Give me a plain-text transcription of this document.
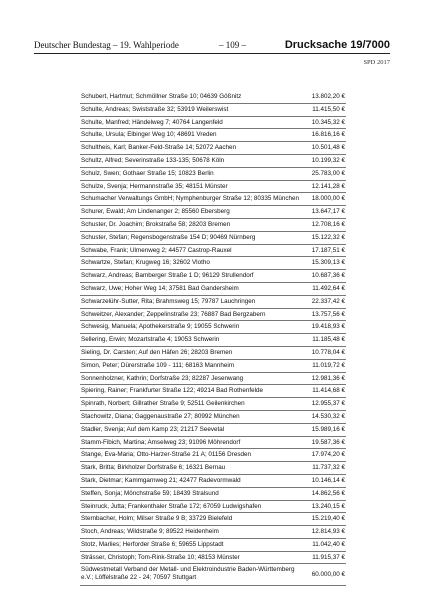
Deutscher Bundestag – 19. Wahlperiode	– 109 –	Drucksache 19/7000
SPD 2017
Schubert, Hartmut; Schmöllner Straße 10; 04639 Gößnitz	13.802,20 €
Schulte, Andreas; Swiststraße 32; 53919 Weilerswist	11.415,50 €
Schulte, Manfred; Händelweg 7; 40764 Langenfeld	10.345,32 €
Schulte, Ursula; Elbinger Weg 10; 48691 Vreden	16.816,16 €
Schultheis, Karl; Banker-Feld-Straße 14; 52072 Aachen	10.501,48 €
Schultz, Alfred; Severinstraße 133-135; 50678 Köln	10.199,32 €
Schulz, Swen; Gothaer Straße 15; 10823 Berlin	25.783,00 €
Schulze, Svenja; Hermannstraße 35; 48151 Münster	12.141,28 €
Schumacher Verwaltungs GmbH; Nymphenburger Straße 12; 80335 München	18.000,00 €
Schurer, Ewald; Am Lindenanger 2; 85560 Ebersberg	13.647,17 €
Schuster, Dr. Joachim; Brokstraße 58; 28203 Bremen	12.708,16 €
Schuster, Stefan; Regensbogenstraße 154 D; 90469 Nürnberg	15.122,32 €
Schwabe, Frank; Ulmenweg 2; 44577 Castrop-Rauxel	17.187,51 €
Schwartze, Stefan; Krugweg 16; 32602 Vlotho	15.309,13 €
Schwarz, Andreas; Bamberger Straße 1 D; 96129 Strullendorf	10.687,36 €
Schwarz, Uwe; Hoher Weg 14; 37581 Bad Gandersheim	11.492,64 €
Schwarzelühr-Sutter, Rita; Brahmsweg 15; 79787 Lauchringen	22.337,42 €
Schweitzer, Alexander; Zeppelinstraße 23; 76887 Bad Bergzabern	13.757,56 €
Schwesig, Manuela; Apothekerstraße 9; 19055 Schwerin	19.418,93 €
Sellering, Erwin; Mozartstraße 4; 19053 Schwerin	11.185,48 €
Sieling, Dr. Carsten; Auf den Häfen 26; 28203 Bremen	10.778,04 €
Simon, Peter; Dürerstraße 109 - 111; 68163 Mannheim	11.019,72 €
Sonnenholzner, Kathrin; Dorfstraße 23; 82287 Jesenwang	12.981,36 €
Spiering, Rainer; Frankfurter Straße 122; 49214 Bad Rothenfelde	11.414,68 €
Spinrath, Norbert; Gillrather Straße 9; 52511 Geilenkirchen	12.955,37 €
Stachowitz, Diana; Gaggenaustraße 27; 80992 München	14.530,32 €
Stadler, Svenja; Auf dem Kamp 23; 21217 Seevetal	15.989,16 €
Stamm-Fibich, Martina; Amselweg 23; 91096 Möhrendorf	19.587,36 €
Stange, Eva-Maria; Otto-Harzer-Straße 21 A; 01156 Dresden	17.974,20 €
Stark, Britta; Birkholzer Dorfstraße 6; 16321 Bernau	11.737,32 €
Stark, Dietmar; Kammgarnweg 21; 42477 Radevormwald	10.146,14 €
Steffen, Sonja; Mönchstraße 59; 18439 Stralsund	14.862,56 €
Steinruck, Jutta; Frankenthaler Straße 172; 67059 Ludwigshafen	13.240,15 €
Sternbacher, Holm; Milser Straße 9 B; 33729 Bielefeld	15.219,40 €
Stoch, Andreas; Wildstraße 9; 89522 Heidenheim	12.814,93 €
Stotz, Marlies; Herforder Straße 6; 59655 Lippstadt	11.042,40 €
Strässer, Christoph; Tom-Rink-Straße 10; 48153 Münster	11.915,37 €
Südwestmetall Verband der Metall- und Elektroindustrie Baden-Württemberg e.V.; Löffelstraße 22 - 24; 70597 Stuttgart	60.000,00 €
